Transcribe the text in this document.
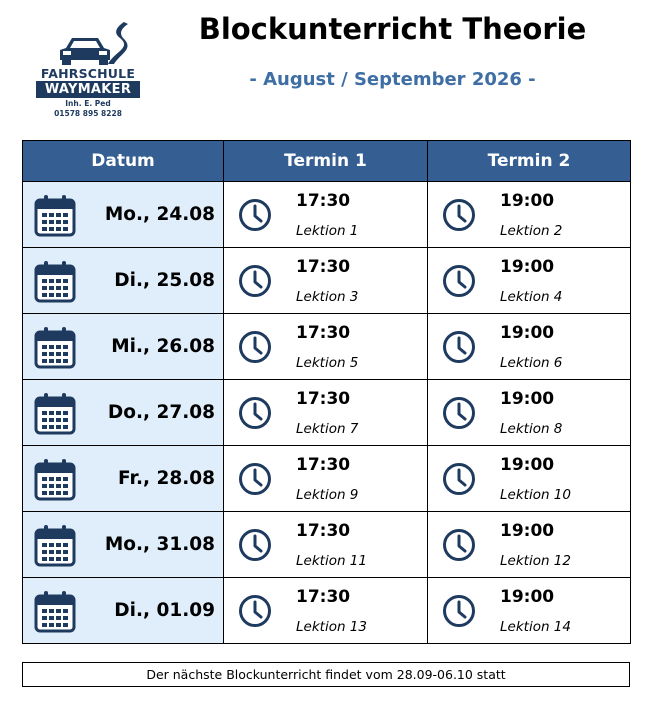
FAHRSCHULE
WAYMAKER
Inh. E. Ped
01578 895 8228
Blockunterricht Theorie
- August / September 2026 -
Datum	Termin 1	Termin 2
Mo., 24.08
17:30
Lektion 1
19:00
Lektion 2
Di., 25.08
17:30
Lektion 3
19:00
Lektion 4
Mi., 26.08
17:30
Lektion 5
19:00
Lektion 6
Do., 27.08
17:30
Lektion 7
19:00
Lektion 8
Fr., 28.08
17:30
Lektion 9
19:00
Lektion 10
Mo., 31.08
17:30
Lektion 11
19:00
Lektion 12
Di., 01.09
17:30
Lektion 13
19:00
Lektion 14
Der nächste Blockunterricht findet vom 28.09-06.10 statt
